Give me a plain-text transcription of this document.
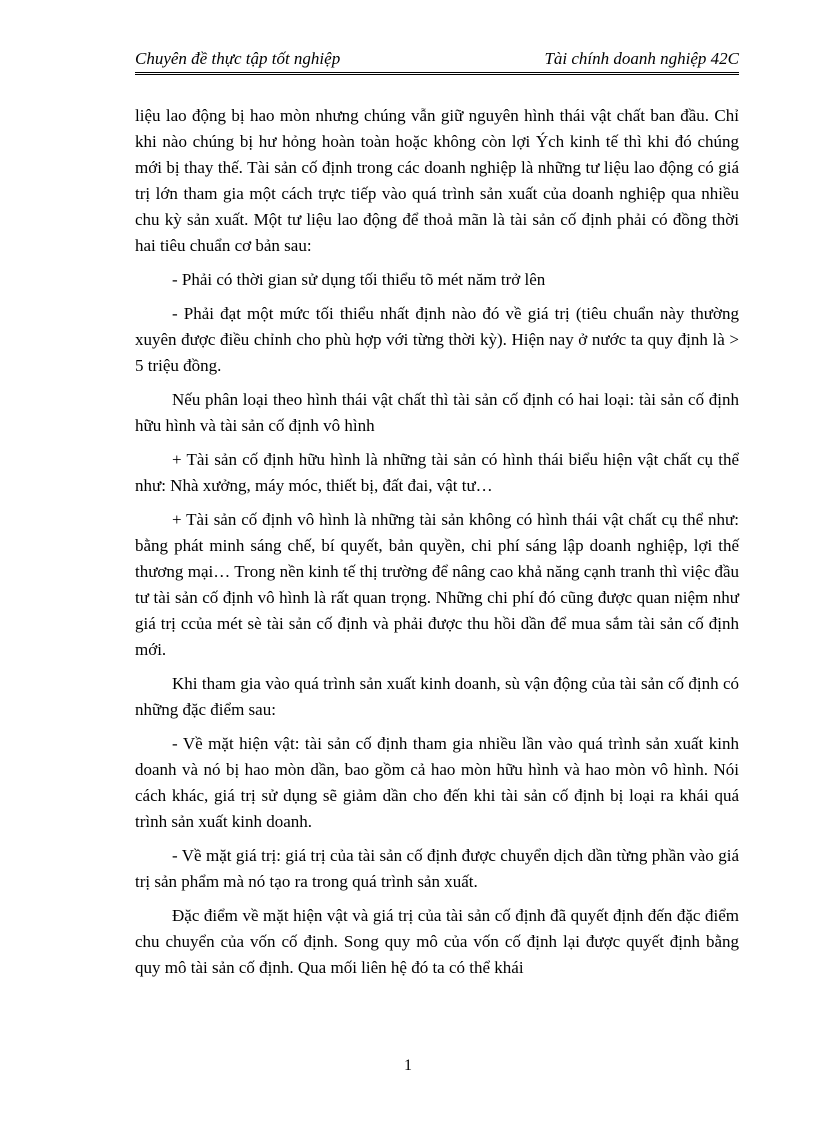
Chuyên đề thực tập tốt nghiệp	Tài chính doanh nghiệp 42C

liệu lao động bị hao mòn nhưng chúng vẫn giữ nguyên hình thái vật chất ban đầu. Chỉ khi nào chúng bị hư hỏng hoàn toàn hoặc không còn lợi Ých kinh tế thì khi đó chúng mới bị thay thế. Tài sản cố định trong các doanh nghiệp là những tư liệu lao động có giá trị lớn tham gia một cách trực tiếp vào quá trình sản xuất của doanh nghiệp qua nhiều chu kỳ sản xuất. Một tư liệu lao động để thoả mãn là tài sản cố định phải có đồng thời hai tiêu chuẩn cơ bản sau:

- Phải có thời gian sử dụng tối thiểu tõ mét năm trở lên

- Phải đạt một mức tối thiểu nhất định nào đó về giá trị (tiêu chuẩn này thường xuyên được điều chỉnh cho phù hợp với từng thời kỳ). Hiện nay ở nước ta quy định là > 5 triệu đồng.

Nếu phân loại theo hình thái vật chất thì tài sản cố định có hai loại: tài sản cố định hữu hình và tài sản cố định vô hình

+ Tài sản cố định hữu hình là những tài sản có hình thái biểu hiện vật chất cụ thể như: Nhà xưởng, máy móc, thiết bị, đất đai, vật tư…

+ Tài sản cố định vô hình là những tài sản không có hình thái vật chất cụ thể như: bằng phát minh sáng chế, bí quyết, bản quyền, chi phí sáng lập doanh nghiệp, lợi thế thương mại… Trong nền kinh tế thị trường để nâng cao khả năng cạnh tranh thì việc đầu tư tài sản cố định vô hình là rất quan trọng. Những chi phí đó cũng được quan niệm như giá trị ccủa mét sè tài sản cố định và phải được thu hồi dần để mua sắm tài sản cố định mới.

Khi tham gia vào quá trình sản xuất kinh doanh, sù vận động của tài sản cố định có những đặc điểm sau:

- Về mặt hiện vật: tài sản cố định tham gia nhiều lần vào quá trình sản xuất kinh doanh và nó bị hao mòn dần, bao gồm cả hao mòn hữu hình và hao mòn vô hình. Nói cách khác, giá trị sử dụng sẽ giảm dần cho đến khi tài sản cố định bị loại ra khái quá trình sản xuất kinh doanh.

- Về mặt giá trị: giá trị của tài sản cố định được chuyển dịch dần từng phần vào giá trị sản phẩm mà nó tạo ra trong quá trình sản xuất.

Đặc điểm về mặt hiện vật và giá trị của tài sản cố định đã quyết định đến đặc điểm chu chuyển của vốn cố định. Song quy mô của vốn cố định lại được quyết định bằng quy mô tài sản cố định. Qua mối liên hệ đó ta có thể khái

1
